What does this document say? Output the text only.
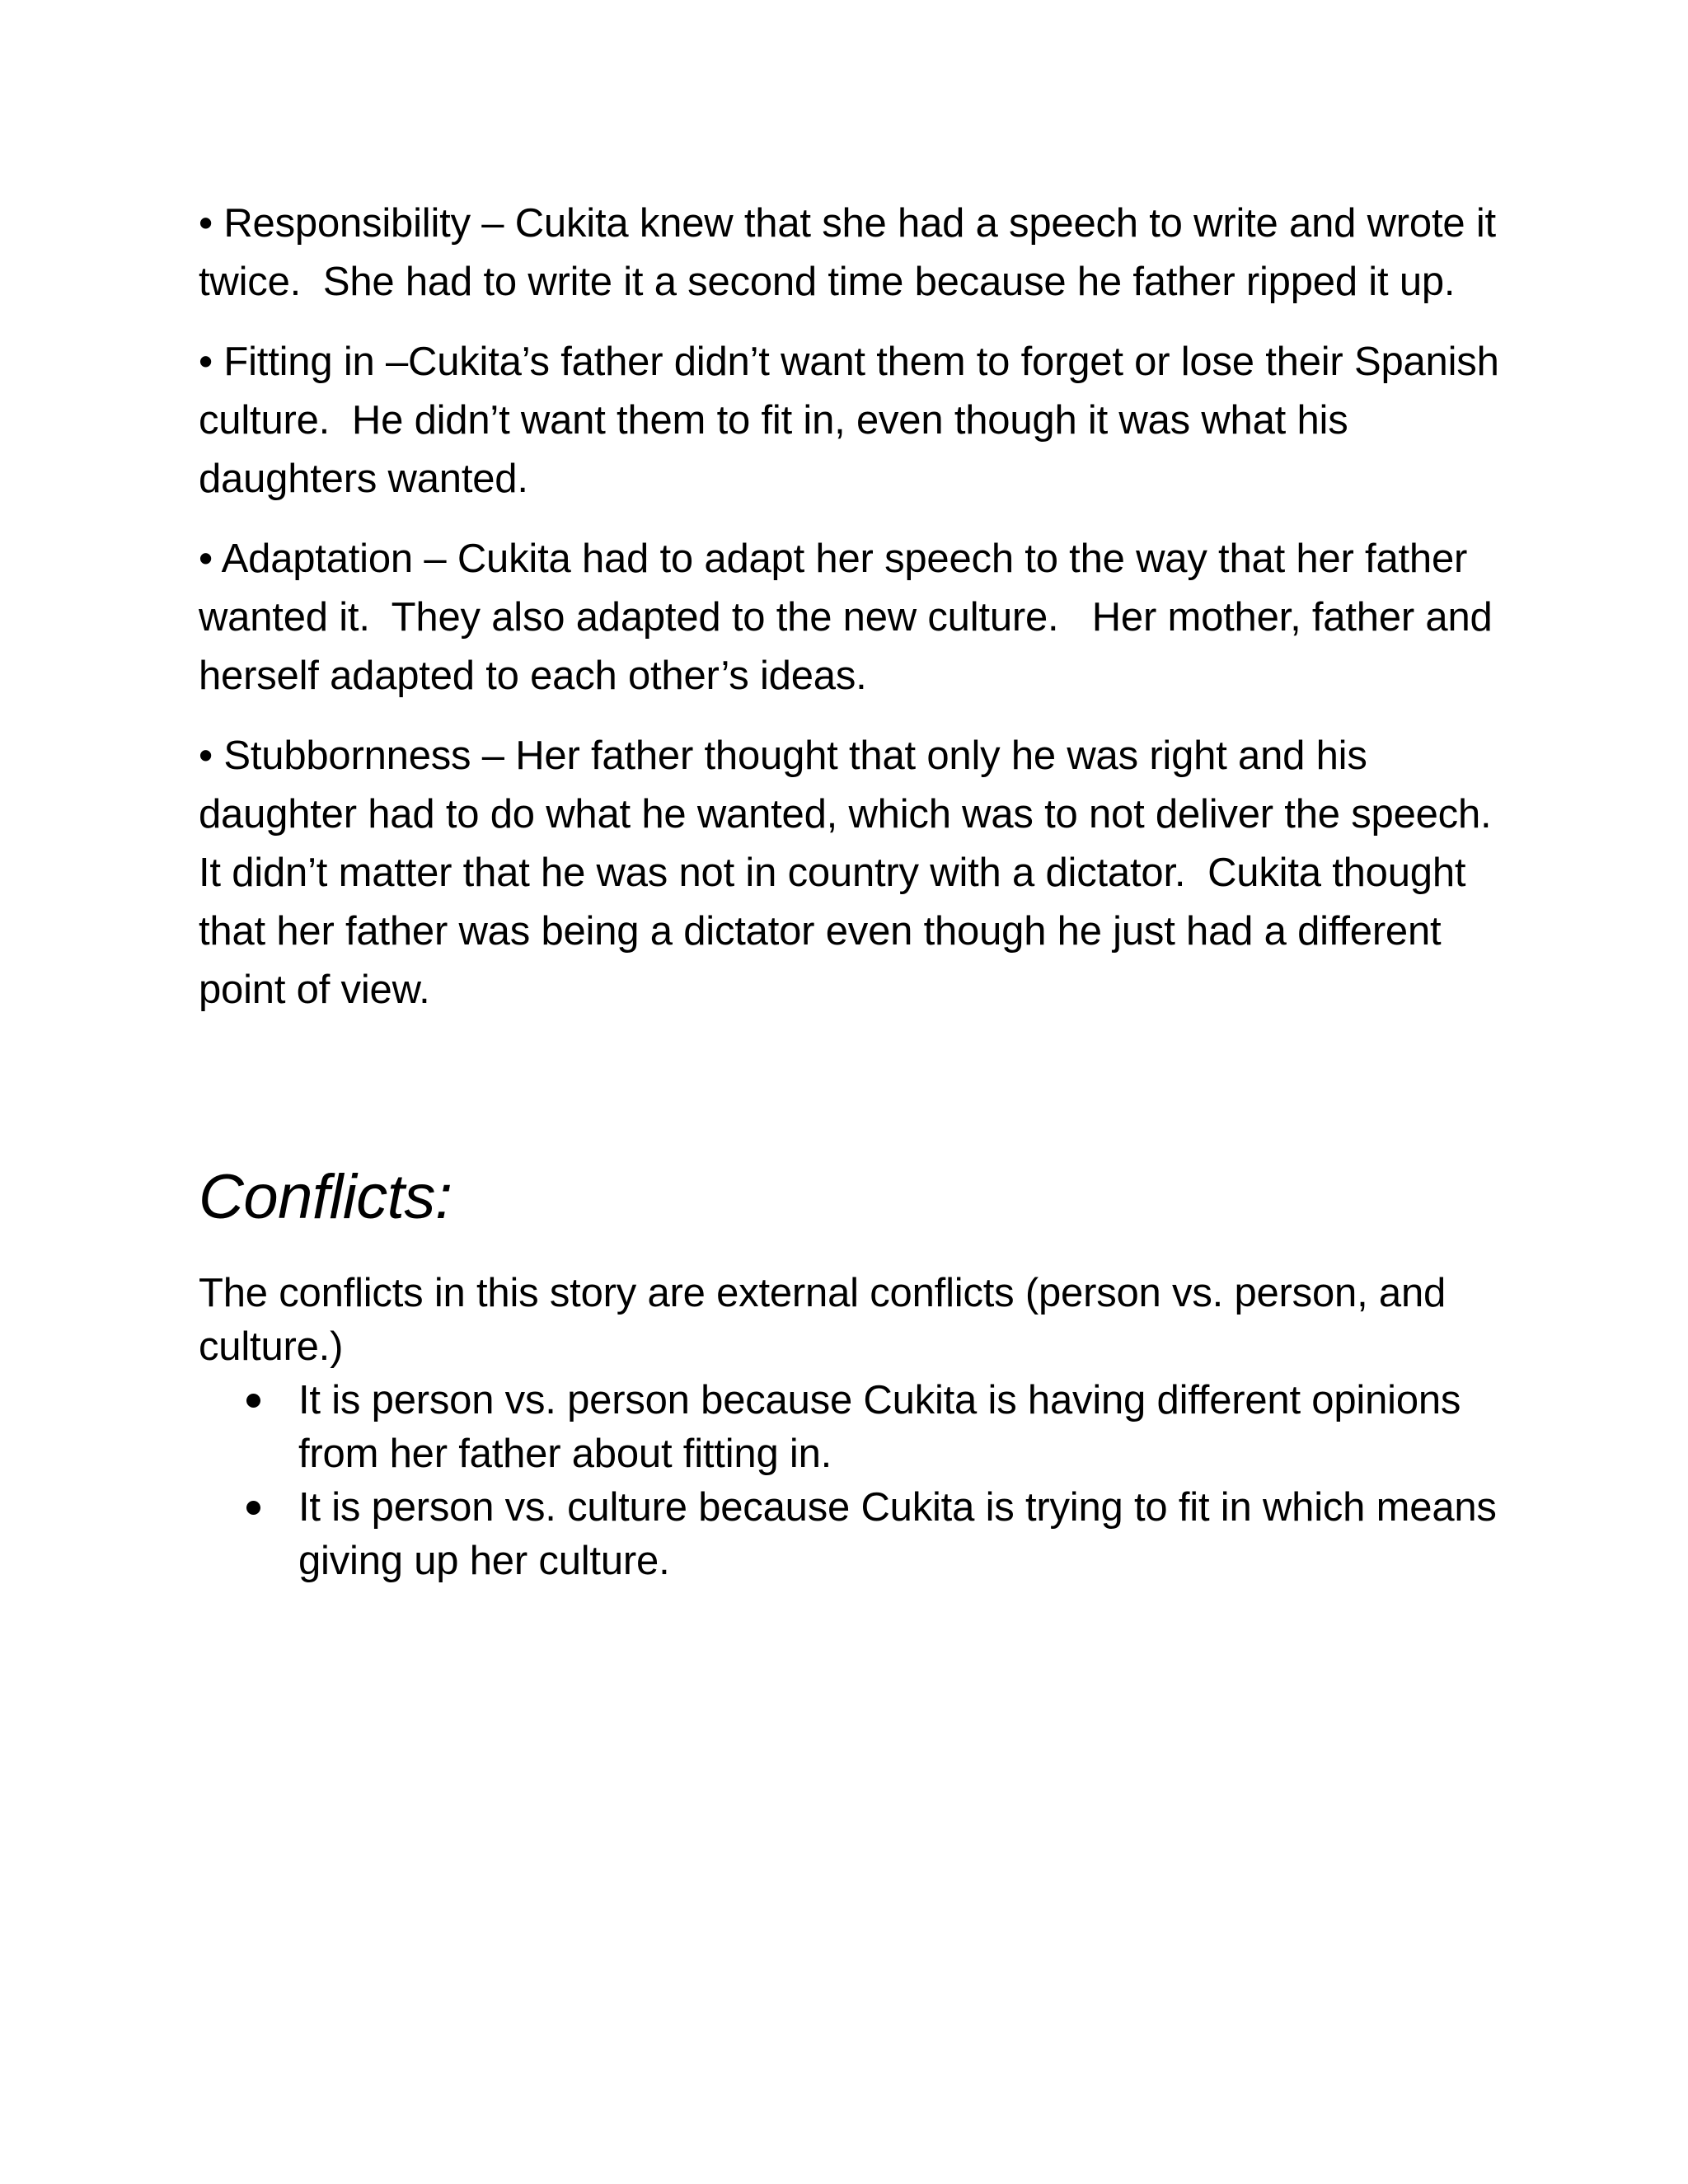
• Responsibility – Cukita knew that she had a speech to write and wrote it twice.  She had to write it a second time because he father ripped it up.

• Fitting in –Cukita’s father didn’t want them to forget or lose their Spanish culture.  He didn’t want them to fit in, even though it was what his daughters wanted.

• Adaptation – Cukita had to adapt her speech to the way that her father wanted it.  They also adapted to the new culture.   Her mother, father and herself adapted to each other’s ideas.

• Stubbornness – Her father thought that only he was right and his daughter had to do what he wanted, which was to not deliver the speech.  It didn’t matter that he was not in country with a dictator.  Cukita thought that her father was being a dictator even though he just had a different point of view.

Conflicts:

The conflicts in this story are external conflicts (person vs. person, and culture.)

It is person vs. person because Cukita is having different opinions from her father about fitting in.
It is person vs. culture because Cukita is trying to fit in which means giving up her culture.
